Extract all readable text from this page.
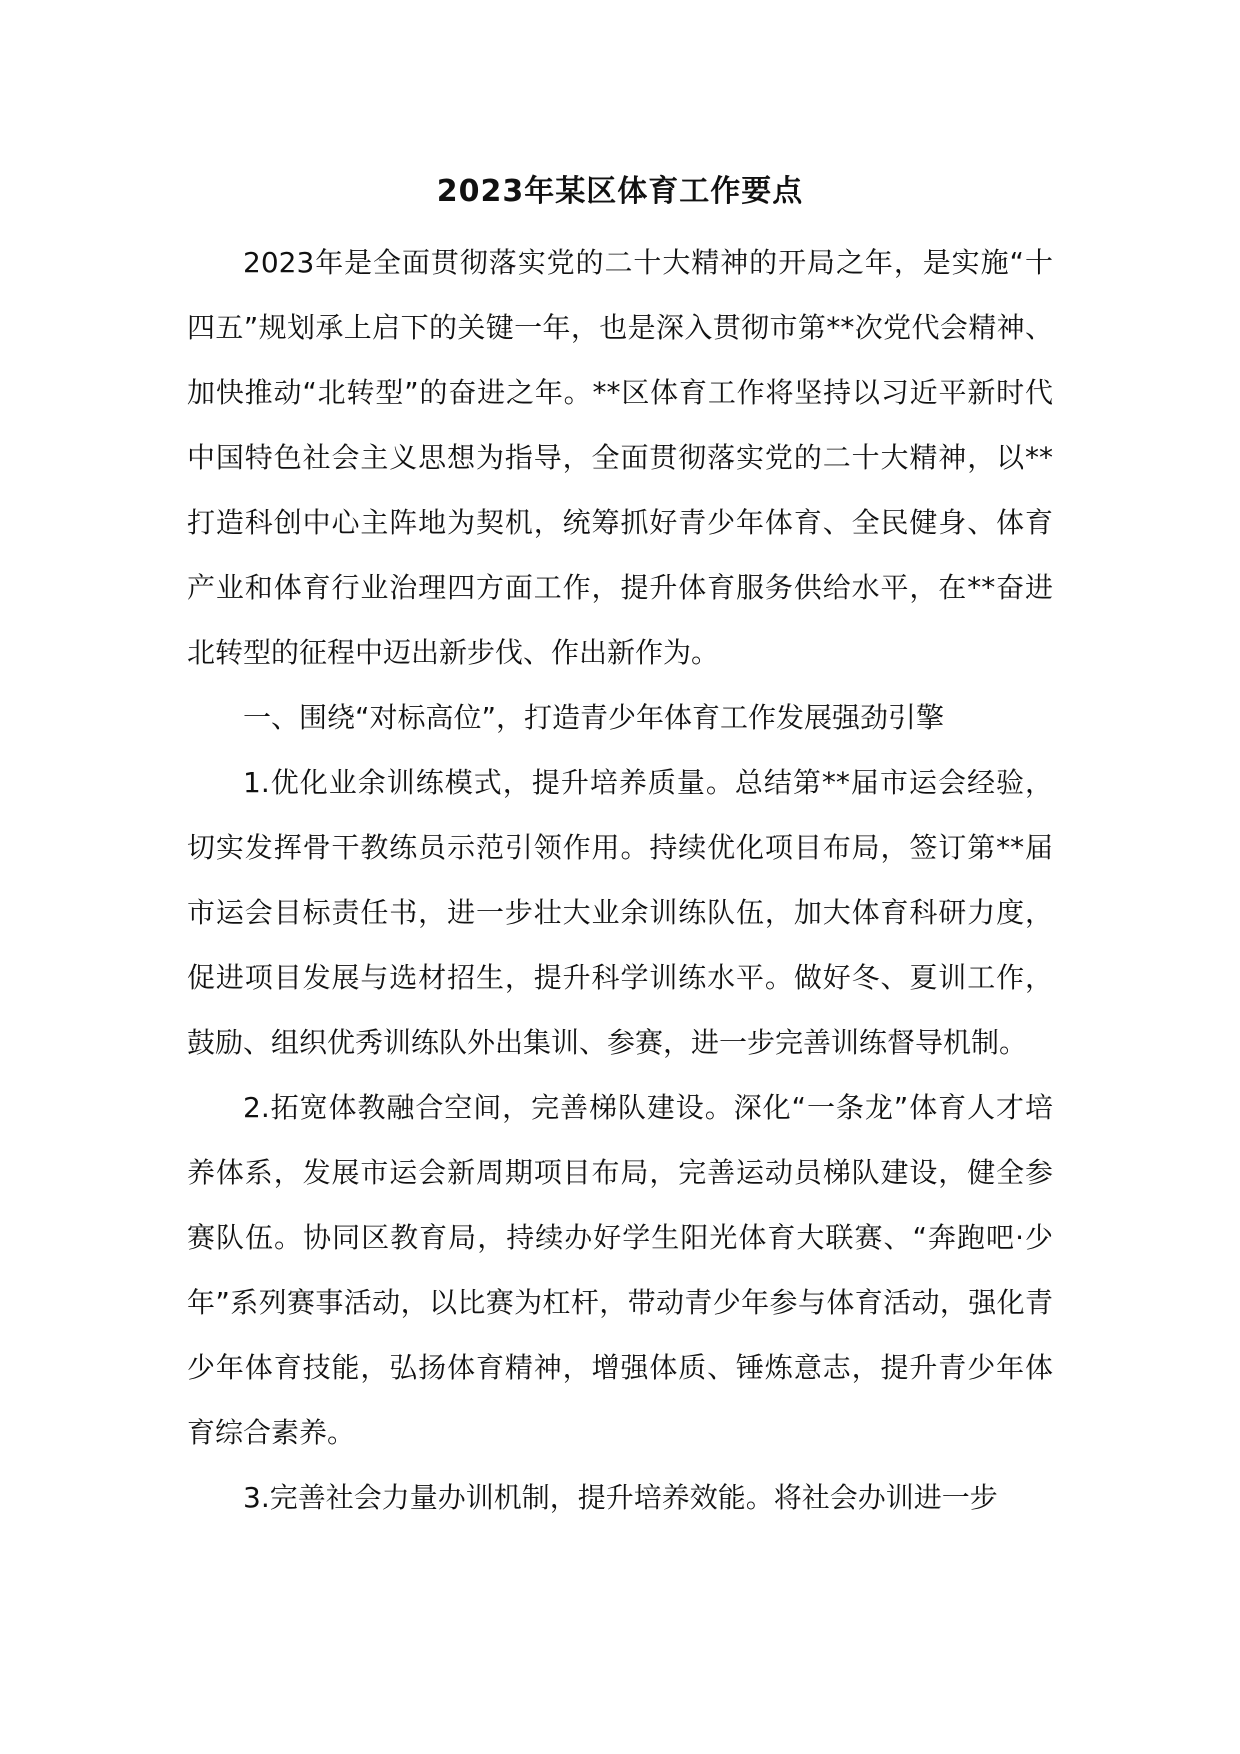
2023年某区体育工作要点

2023年是全面贯彻落实党的二十大精神的开局之年，是实施“十四五”规划承上启下的关键一年，也是深入贯彻市第**次党代会精神、加快推动“北转型”的奋进之年。**区体育工作将坚持以习近平新时代中国特色社会主义思想为指导，全面贯彻落实党的二十大精神，以**打造科创中心主阵地为契机，统筹抓好青少年体育、全民健身、体育产业和体育行业治理四方面工作，提升体育服务供给水平，在**奋进北转型的征程中迈出新步伐、作出新作为。

一、围绕“对标高位”，打造青少年体育工作发展强劲引擎

1.优化业余训练模式，提升培养质量。总结第**届市运会经验，切实发挥骨干教练员示范引领作用。持续优化项目布局，签订第**届市运会目标责任书，进一步壮大业余训练队伍，加大体育科研力度，促进项目发展与选材招生，提升科学训练水平。做好冬、夏训工作，鼓励、组织优秀训练队外出集训、参赛，进一步完善训练督导机制。

2.拓宽体教融合空间，完善梯队建设。深化“一条龙”体育人才培养体系，发展市运会新周期项目布局，完善运动员梯队建设，健全参赛队伍。协同区教育局，持续办好学生阳光体育大联赛、“奔跑吧·少年”系列赛事活动，以比赛为杠杆，带动青少年参与体育活动，强化青少年体育技能，弘扬体育精神，增强体质、锤炼意志，提升青少年体育综合素养。

3.完善社会力量办训机制，提升培养效能。将社会办训进一步
